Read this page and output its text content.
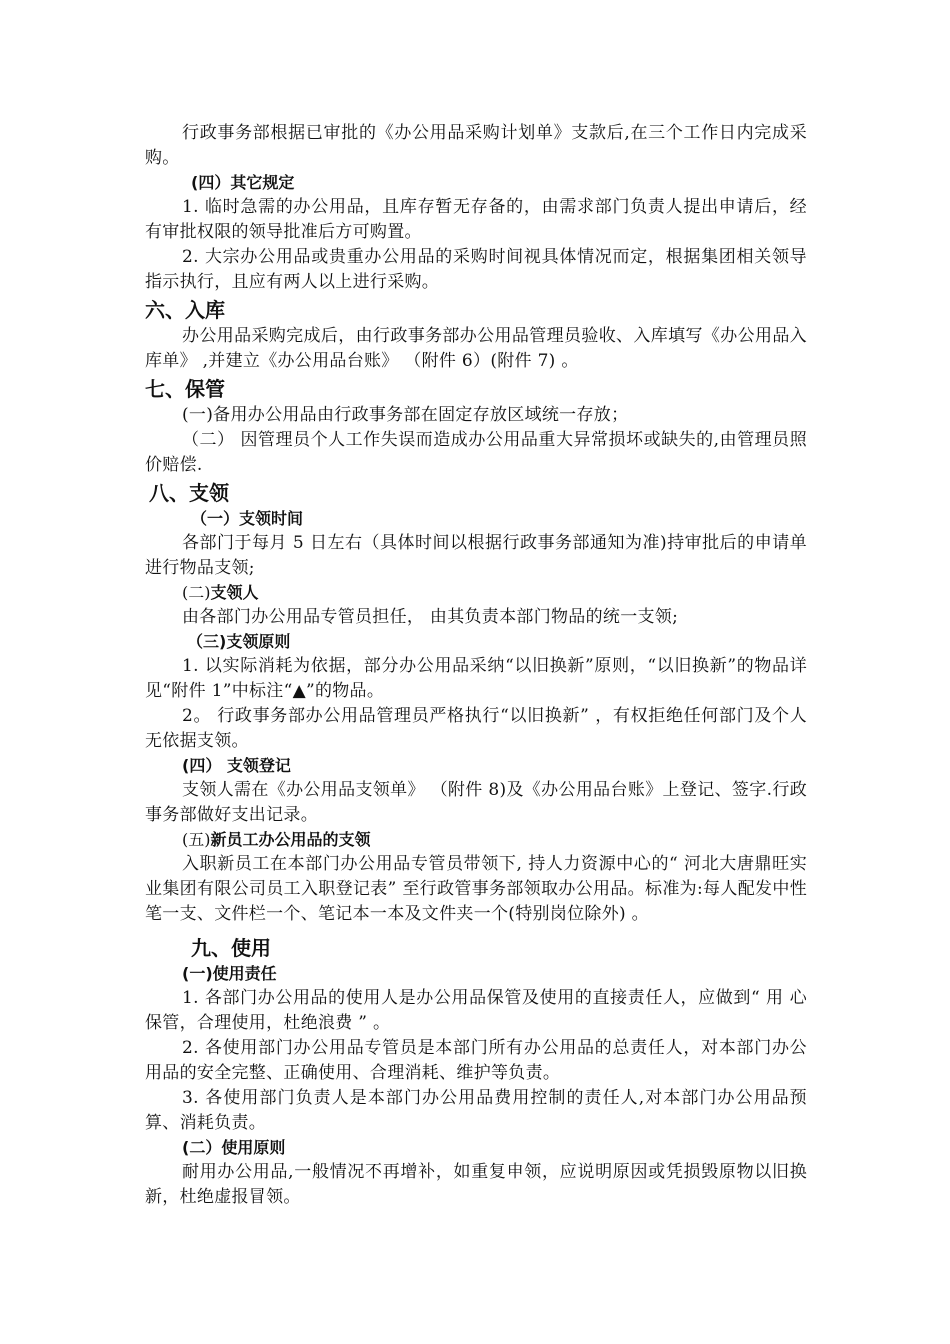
行政事务部根据已审批的《办公用品采购计划单》支款后,在三个工作日内完成采购。

(四）其它规定

1. 临时急需的办公用品，且库存暂无存备的，由需求部门负责人提出申请后，经有审批权限的领导批准后方可购置。

2. 大宗办公用品或贵重办公用品的采购时间视具体情况而定，根据集团相关领导指示执行，且应有两人以上进行采购。

六、入库

办公用品采购完成后，由行政事务部办公用品管理员验收、入库填写《办公用品入库单》 ,并建立《办公用品台账》 （附件 6）(附件 7) 。

七、保管

(一)备用办公用品由行政事务部在固定存放区域统一存放；

（二） 因管理员个人工作失误而造成办公用品重大异常损坏或缺失的,由管理员照价赔偿.

八、支领

（一）支领时间

各部门于每月 5 日左右（具体时间以根据行政事务部通知为准)持审批后的申请单进行物品支领;

(二)支领人

由各部门办公用品专管员担任， 由其负责本部门物品的统一支领;

（三)支领原则

1. 以实际消耗为依据，部分办公用品采纳“以旧换新”原则，“以旧换新”的物品详见“附件 1”中标注“▲”的物品。

2。 行政事务部办公用品管理员严格执行“以旧换新” ，有权拒绝任何部门及个人无依据支领。

(四） 支领登记

支领人需在《办公用品支领单》 （附件 8)及《办公用品台账》上登记、签字.行政事务部做好支出记录。

(五)新员工办公用品的支领

入职新员工在本部门办公用品专管员带领下, 持人力资源中心的“ 河北大唐鼎旺实业集团有限公司员工入职登记表” 至行政管事务部领取办公用品。标准为:每人配发中性笔一支、文件栏一个、笔记本一本及文件夹一个(特别岗位除外) 。

九、使用

(一)使用责任

1. 各部门办公用品的使用人是办公用品保管及使用的直接责任人，应做到“ 用 心保管，合理使用，杜绝浪费 ” 。

2. 各使用部门办公用品专管员是本部门所有办公用品的总责任人，对本部门办公用品的安全完整、正确使用、合理消耗、维护等负责。

3. 各使用部门负责人是本部门办公用品费用控制的责任人,对本部门办公用品预算、消耗负责。

(二）使用原则

耐用办公用品,一般情况不再增补，如重复申领，应说明原因或凭损毁原物以旧换新，杜绝虚报冒领。
